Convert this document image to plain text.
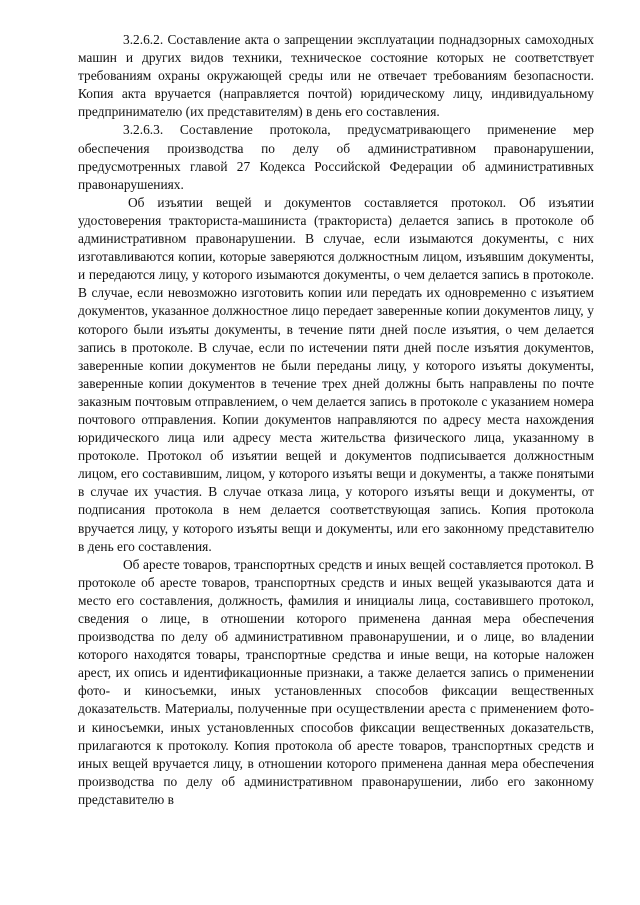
3.2.6.2. Составление акта о запрещении эксплуатации поднадзорных самоходных машин и других видов техники, техническое состояние которых не соответствует требованиям охраны окружающей среды или не отвечает требованиям безопасности. Копия акта вручается (направляется почтой) юридическому лицу, индивидуальному предпринимателю (их представителям) в день его составления.

3.2.6.3. Составление протокола, предусматривающего применение мер обеспечения производства по делу об административном правонарушении, предусмотренных главой 27 Кодекса Российской Федерации об административных правонарушениях.

Об изъятии вещей и документов составляется протокол. Об изъятии удостоверения тракториста-машиниста (тракториста) делается запись в протоколе об административном правонарушении. В случае, если изымаются документы, с них изготавливаются копии, которые заверяются должностным лицом, изъявшим документы, и передаются лицу, у которого изымаются документы, о чем делается запись в протоколе. В случае, если невозможно изготовить копии или передать их одновременно с изъятием документов, указанное должностное лицо передает заверенные копии документов лицу, у которого были изъяты документы, в течение пяти дней после изъятия, о чем делается запись в протоколе. В случае, если по истечении пяти дней после изъятия документов, заверенные копии документов не были переданы лицу, у которого изъяты документы, заверенные копии документов в течение трех дней должны быть направлены по почте заказным почтовым отправлением, о чем делается запись в протоколе с указанием номера почтового отправления. Копии документов направляются по адресу места нахождения юридического лица или адресу места жительства физического лица, указанному в протоколе. Протокол об изъятии вещей и документов подписывается должностным лицом, его составившим, лицом, у которого изъяты вещи и документы, а также понятыми в случае их участия. В случае отказа лица, у которого изъяты вещи и документы, от подписания протокола в нем делается соответствующая запись. Копия протокола вручается лицу, у которого изъяты вещи и документы, или его законному представителю в день его составления.

Об аресте товаров, транспортных средств и иных вещей составляется протокол. В протоколе об аресте товаров, транспортных средств и иных вещей указываются дата и место его составления, должность, фамилия и инициалы лица, составившего протокол, сведения о лице, в отношении которого применена данная мера обеспечения производства по делу об административном правонарушении, и о лице, во владении которого находятся товары, транспортные средства и иные вещи, на которые наложен арест, их опись и идентификационные признаки, а также делается запись о применении фото- и киносъемки, иных установленных способов фиксации вещественных доказательств. Материалы, полученные при осуществлении ареста с применением фото- и киносъемки, иных установленных способов фиксации вещественных доказательств, прилагаются к протоколу. Копия протокола об аресте товаров, транспортных средств и иных вещей вручается лицу, в отношении которого применена данная мера обеспечения производства по делу об административном правонарушении, либо его законному представителю в
